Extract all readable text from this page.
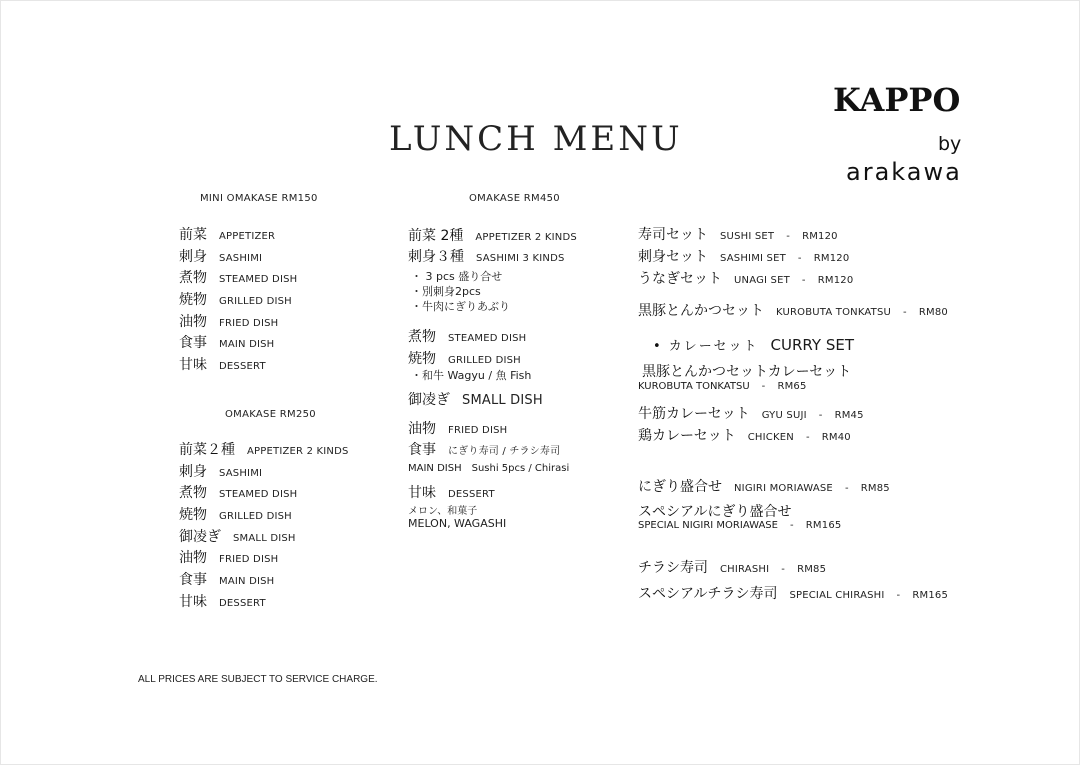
LUNCH MENU
KAPPO
by
arakawa
MINI OMAKASE RM150
前菜 APPETIZER
刺身 SASHIMI
煮物 STEAMED DISH
焼物 GRILLED DISH
油物 FRIED DISH
食事 MAIN DISH
甘味 DESSERT
OMAKASE RM250
前菜２種 APPETIZER 2 KINDS
刺身 SASHIMI
煮物 STEAMED DISH
焼物 GRILLED DISH
御凌ぎ SMALL DISH
油物 FRIED DISH
食事 MAIN DISH
甘味 DESSERT
OMAKASE RM450
前菜 2種 APPETIZER 2 KINDS
刺身３種 SASHIMI 3 KINDS
・ 3 pcs 盛り合せ
・別刺身2pcs
・牛肉にぎりあぶり
煮物 STEAMED DISH
焼物 GRILLED DISH
・和牛 Wagyu / 魚 Fish
御凌ぎ SMALL DISH
油物 FRIED DISH
食事 にぎり寿司 / チラシ寿司
MAIN DISH　Sushi 5pcs / Chirasi
甘味 DESSERT
メロン、和菓子
MELON, WAGASHI
寿司セット SUSHI SET - RM120
刺身セット SASHIMI SET - RM120
うなぎセット UNAGI SET - RM120
黒豚とんかつセット KUROBUTA TONKATSU - RM80
• カレーセット CURRY SET
黒豚とんかつセットカレーセット
KUROBUTA TONKATSU - RM65
牛筋カレーセット GYU SUJI - RM45
鶏カレーセット CHICKEN - RM40
にぎり盛合せ NIGIRI MORIAWASE - RM85
スペシアルにぎり盛合せ
SPECIAL NIGIRI MORIAWASE - RM165
チラシ寿司 CHIRASHI - RM85
スペシアルチラシ寿司 SPECIAL CHIRASHI - RM165
ALL PRICES ARE SUBJECT TO SERVICE CHARGE.
